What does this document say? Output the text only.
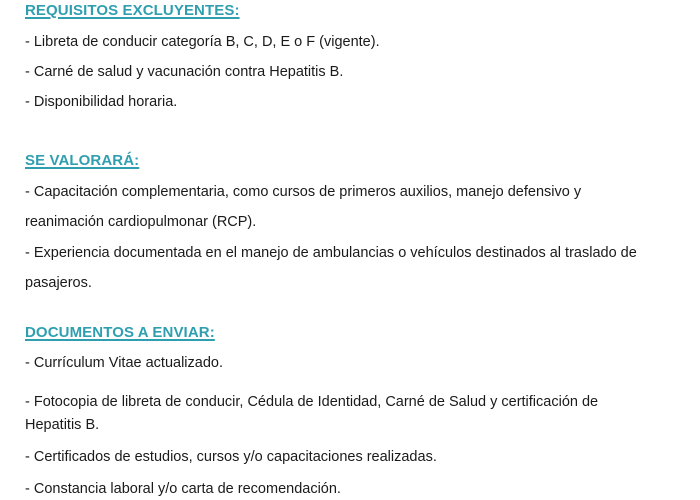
REQUISITOS EXCLUYENTES:
- Libreta de conducir categoría B, C, D, E o F (vigente).
- Carné de salud y vacunación contra Hepatitis B.
- Disponibilidad horaria.
SE VALORARÁ:
- Capacitación complementaria, como cursos de primeros auxilios, manejo defensivo y
reanimación cardiopulmonar (RCP).
- Experiencia documentada en el manejo de ambulancias o vehículos destinados al traslado de
pasajeros.
DOCUMENTOS A ENVIAR:
- Currículum Vitae actualizado.
- Fotocopia de libreta de conducir, Cédula de Identidad, Carné de Salud y certificación de
Hepatitis B.
- Certificados de estudios, cursos y/o capacitaciones realizadas.
- Constancia laboral y/o carta de recomendación.
